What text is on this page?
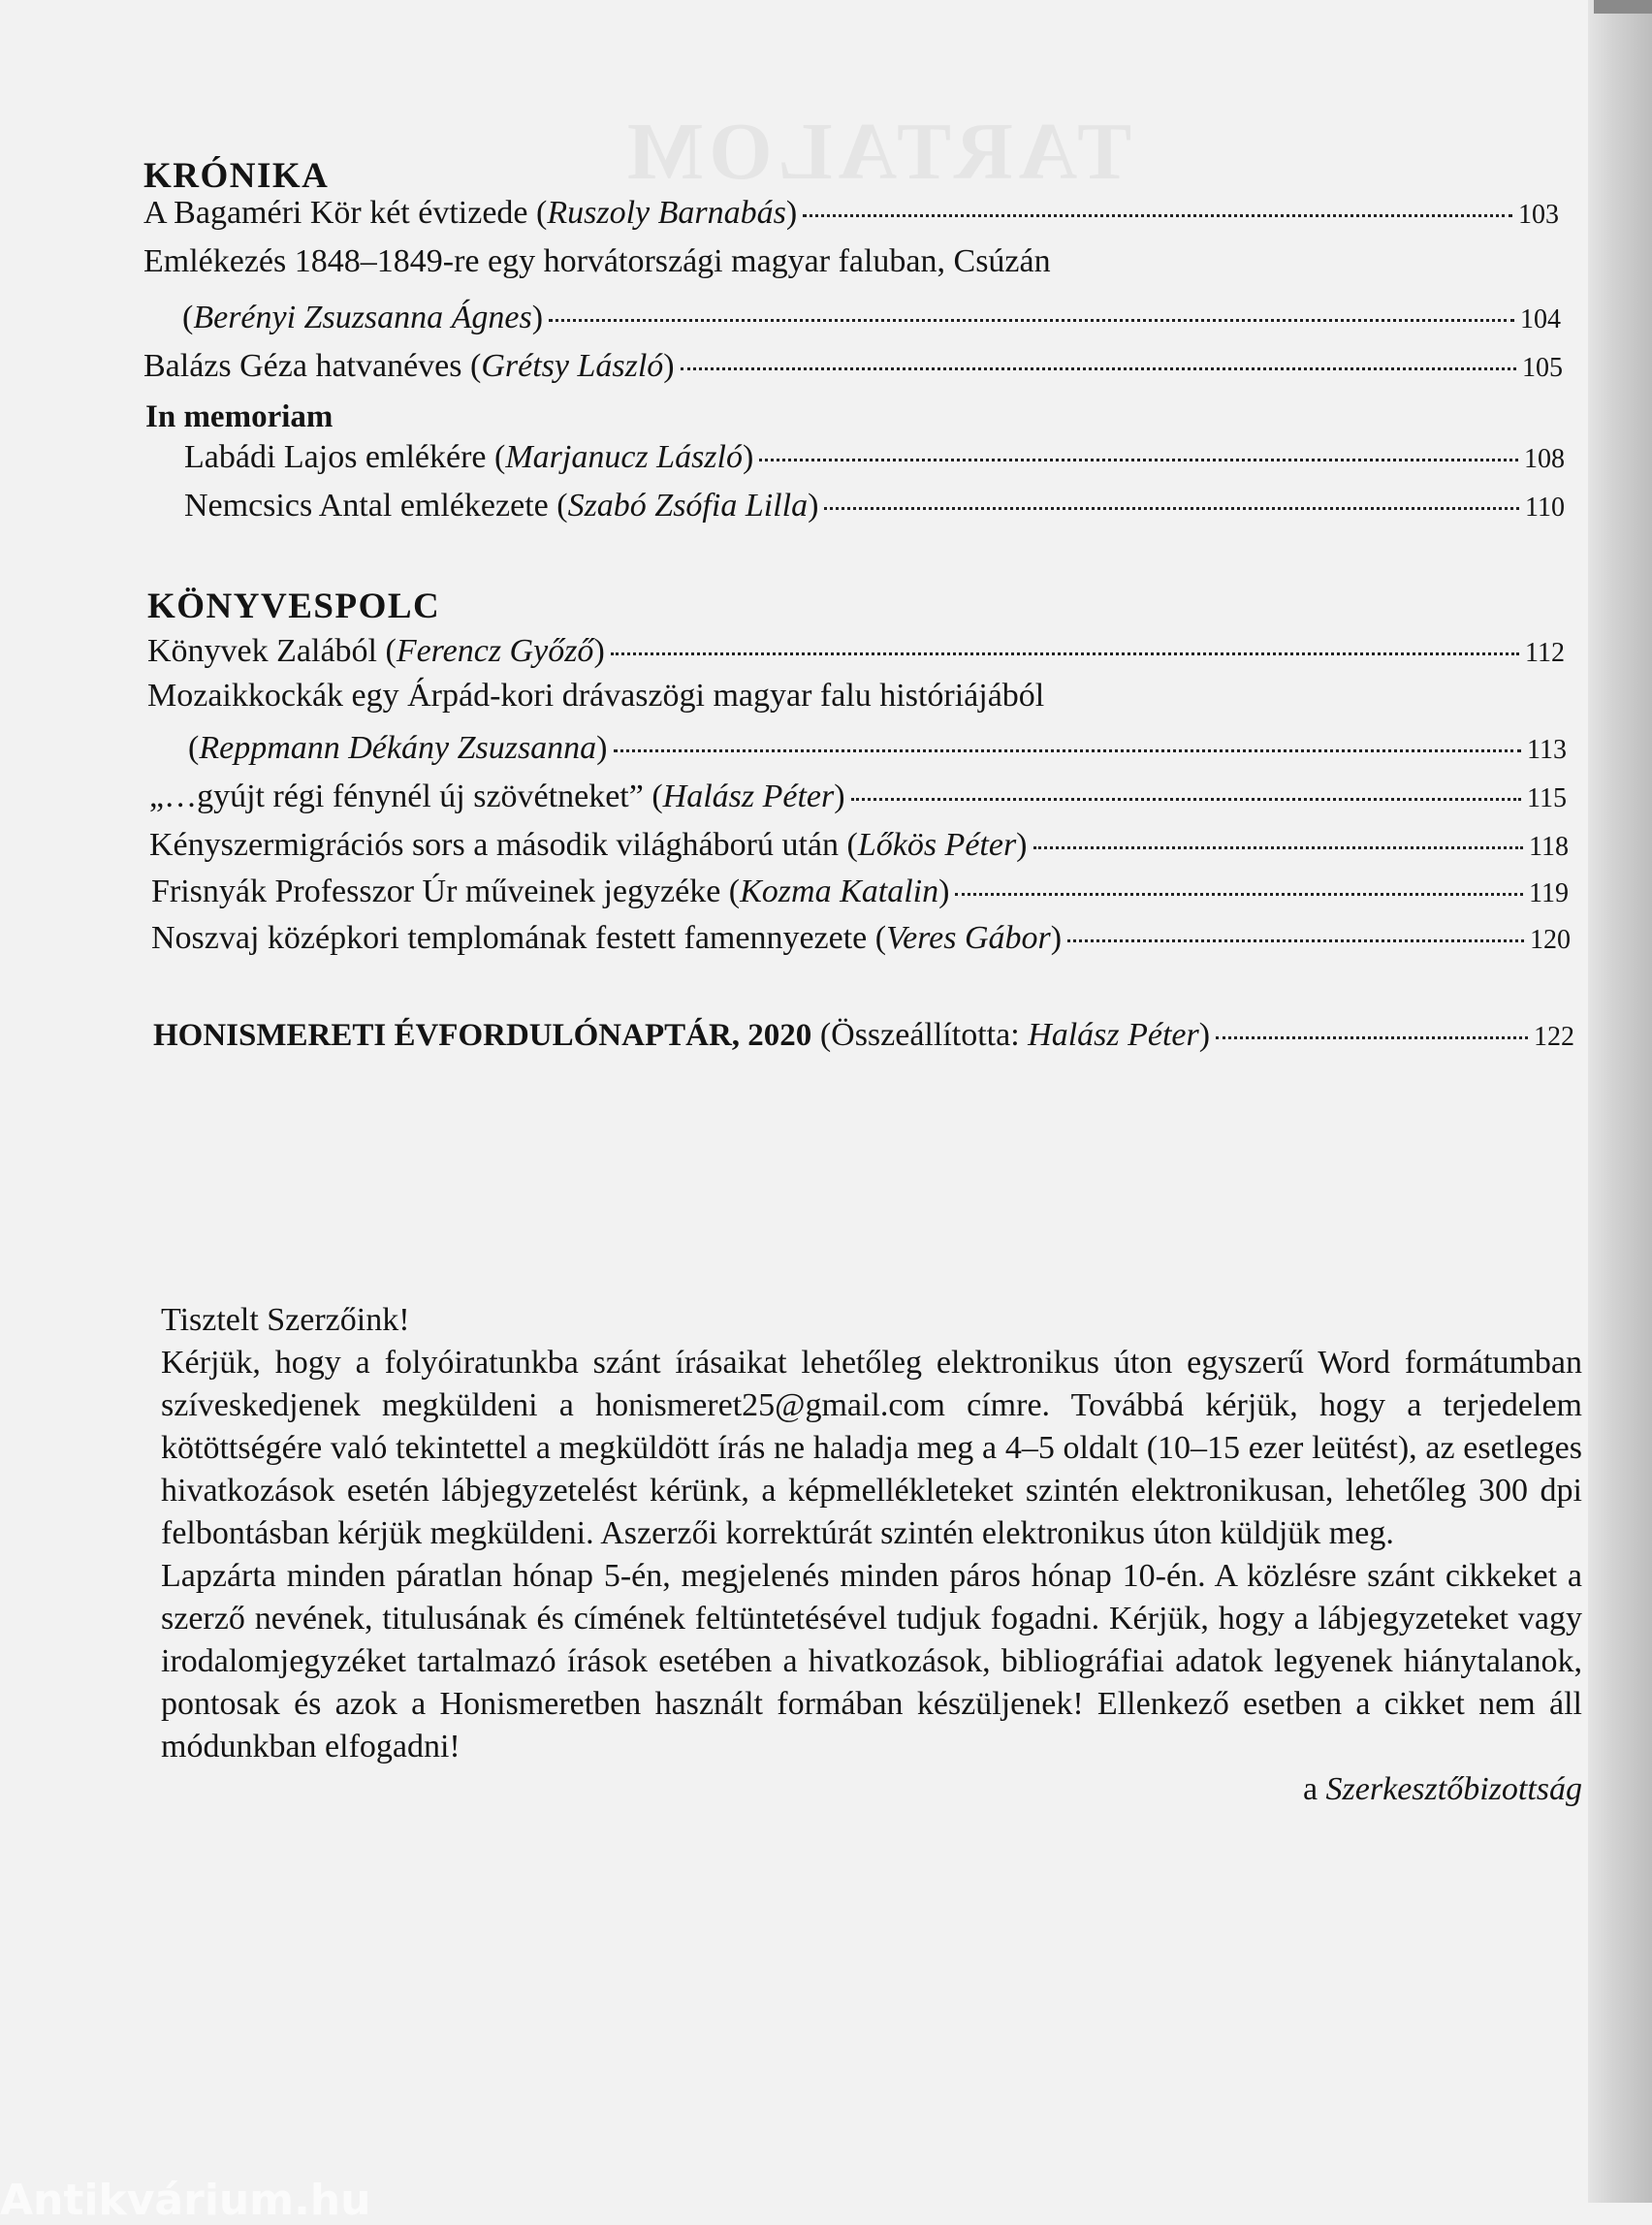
TARTALOM
KRÓNIKA
A Bagaméri Kör két évtizede (Ruszoly Barnabás)	103
Emlékezés 1848–1849-re egy horvátországi magyar faluban, Csúzán
(Berényi Zsuzsanna Ágnes)	104
Balázs Géza hatvanéves (Grétsy László)	105
In memoriam
Labádi Lajos emlékére (Marjanucz László)	108
Nemcsics Antal emlékezete (Szabó Zsófia Lilla)	110
KÖNYVESPOLC
Könyvek Zalából (Ferencz Győző)	112
Mozaikkockák egy Árpád-kori drávaszögi magyar falu históriájából
(Reppmann Dékány Zsuzsanna)	113
„…gyújt régi fénynél új szövétneket” (Halász Péter)	115
Kényszermigrációs sors a második világháború után (Lőkös Péter)	118
Frisnyák Professzor Úr műveinek jegyzéke (Kozma Katalin)	119
Noszvaj középkori templomának festett famennyezete (Veres Gábor)	120
HONISMERETI ÉVFORDULÓNAPTÁR, 2020 (Összeállította: Halász Péter)	122

Tisztelt Szerzőink!

Kérjük, hogy a folyóiratunkba szánt írásaikat lehetőleg elektronikus úton egyszerű Word formátumban szíveskedjenek megküldeni a honismeret25@gmail.com címre. Továbbá kérjük, hogy a terjedelem kötöttségére való tekintettel a megküldött írás ne haladja meg a 4–5 oldalt (10–15 ezer leütést), az esetleges hivatkozások esetén lábjegyzetelést kérünk, a képmellékleteket szintén elektronikusan, lehetőleg 300 dpi felbontásban kérjük megküldeni. Aszerzői korrektúrát szintén elektronikus úton küldjük meg.

Lapzárta minden páratlan hónap 5-én, megjelenés minden páros hónap 10-én. A közlésre szánt cikkeket a szerző nevének, titulusának és címének feltüntetésével tudjuk fogadni. Kérjük, hogy a lábjegyzeteket vagy irodalomjegyzéket tartalmazó írások esetében a hivatkozások, bibliográfiai adatok legyenek hiánytalanok, pontosak és azok a Honismeretben használt formában készüljenek! Ellenkező esetben a cikket nem áll módunkban elfogadni!

a Szerkesztőbizottság

Antikvárium.hu
